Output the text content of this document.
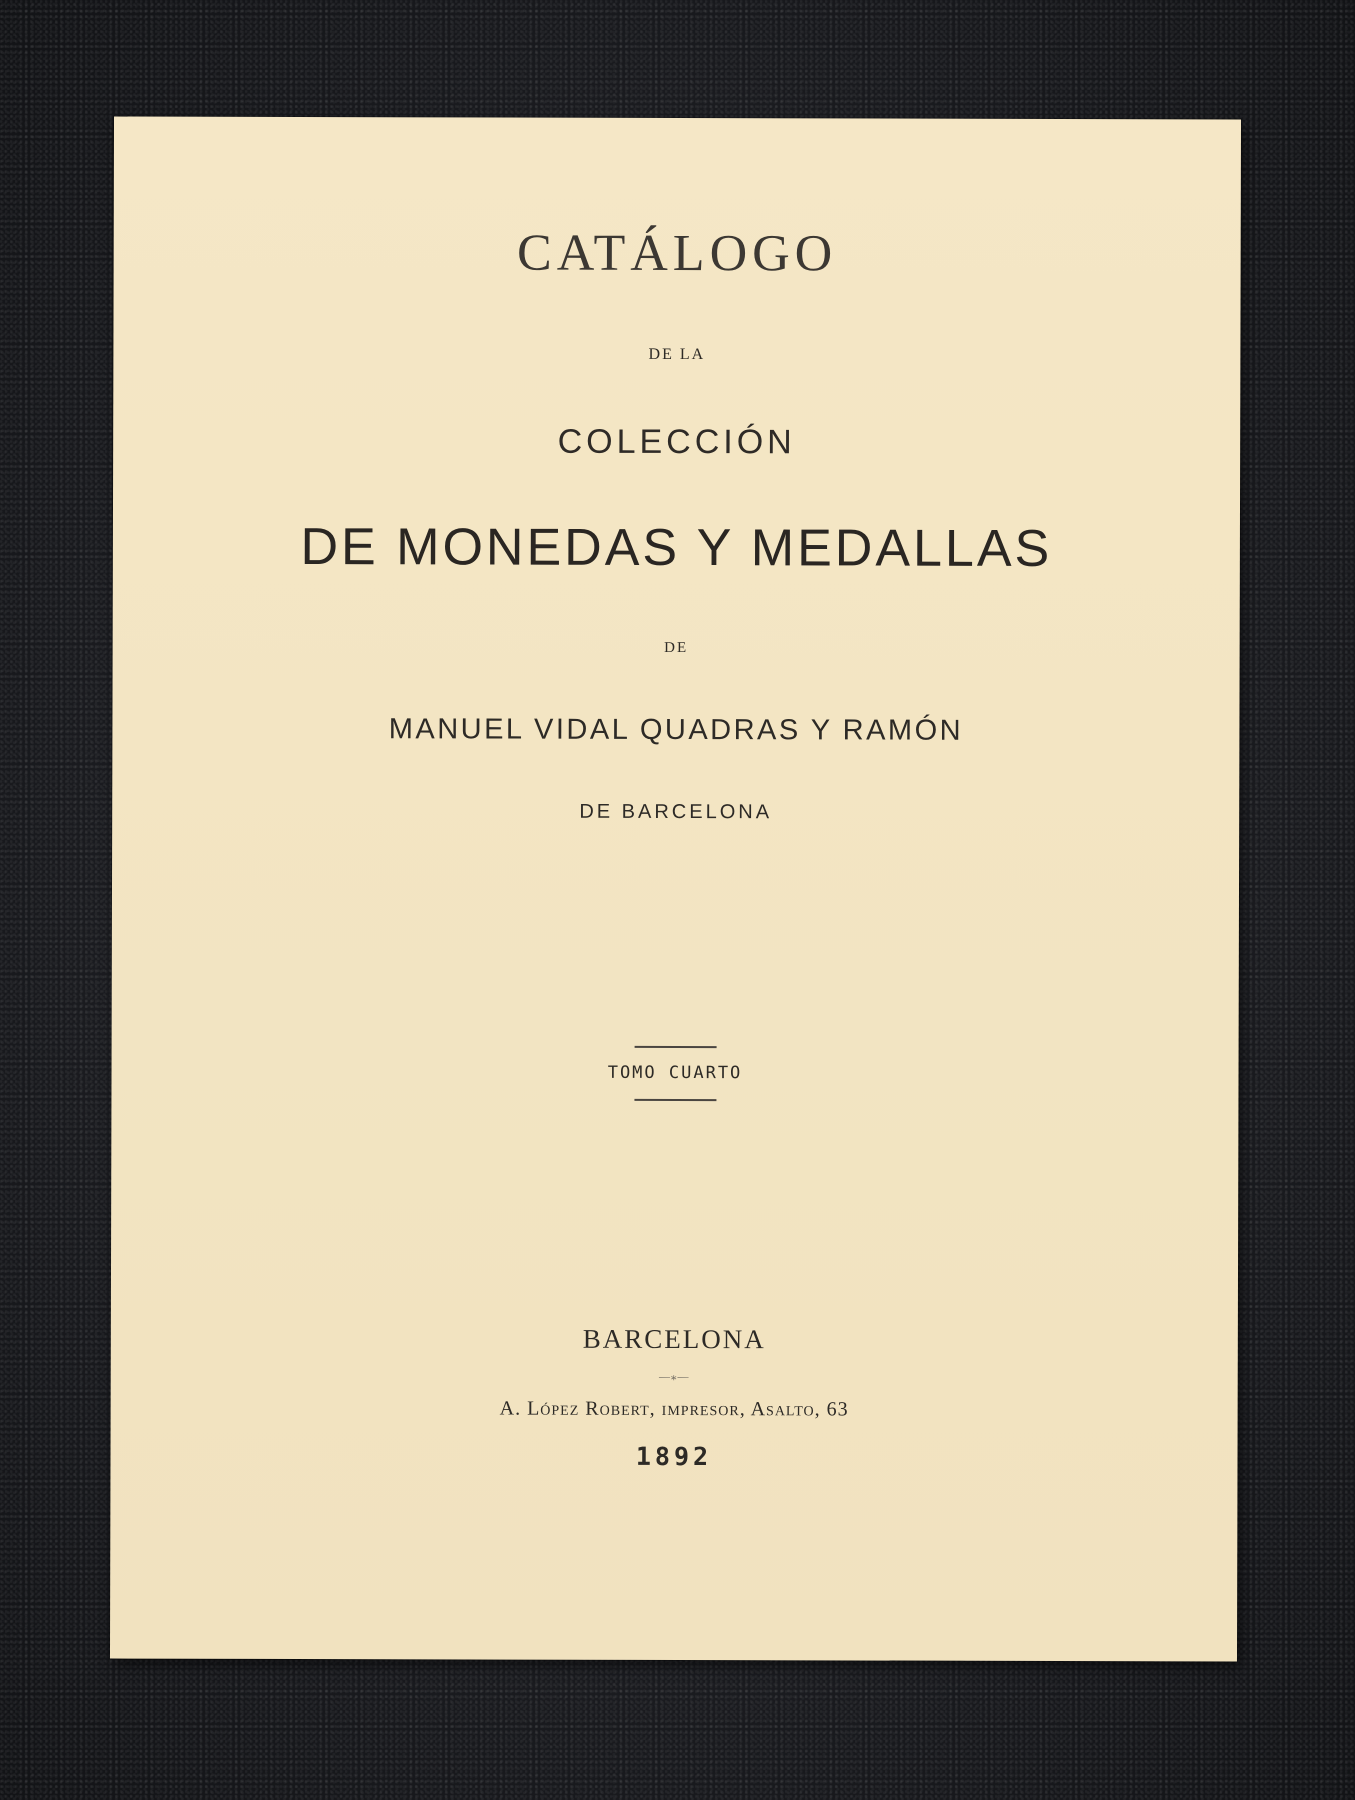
CATÁLOGO
DE LA
COLECCIÓN
DE MONEDAS Y MEDALLAS
DE
MANUEL VIDAL QUADRAS Y RAMÓN
DE BARCELONA
TOMO CUARTO
BARCELONA
—⁎—
A. López Robert, impresor, Asalto, 63
1892
